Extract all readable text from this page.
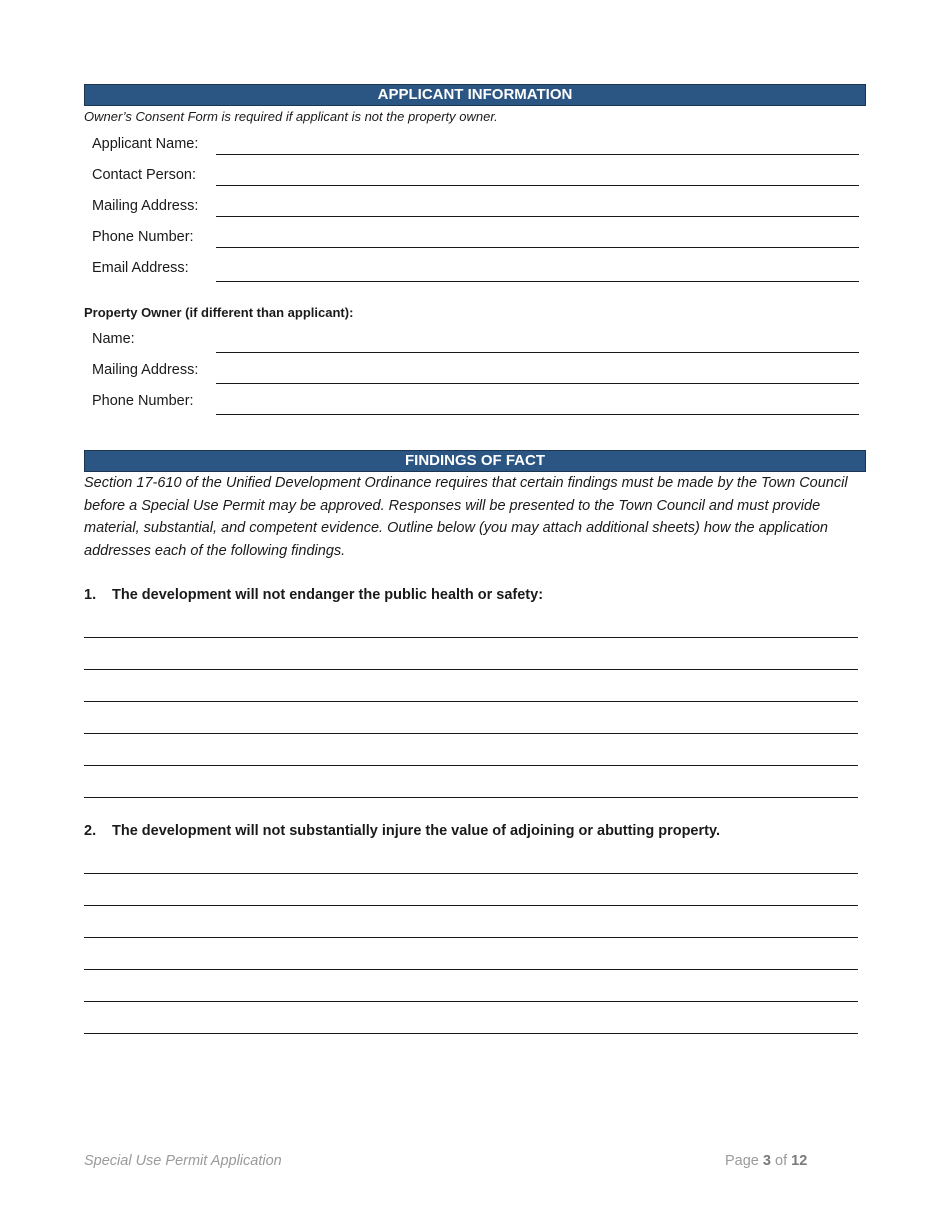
APPLICANT INFORMATION
Owner’s Consent Form is required if applicant is not the property owner.
Applicant Name:
Contact Person:
Mailing Address:
Phone Number:
Email Address:
Property Owner (if different than applicant):
Name:
Mailing Address:
Phone Number:
FINDINGS OF FACT
Section 17-610 of the Unified Development Ordinance requires that certain findings must be made by the Town Council before a Special Use Permit may be approved. Responses will be presented to the Town Council and must provide material, substantial, and competent evidence. Outline below (you may attach additional sheets) how the application addresses each of the following findings.
1. The development will not endanger the public health or safety:
2. The development will not substantially injure the value of adjoining or abutting property.
Special Use Permit Application	Page 3 of 12
